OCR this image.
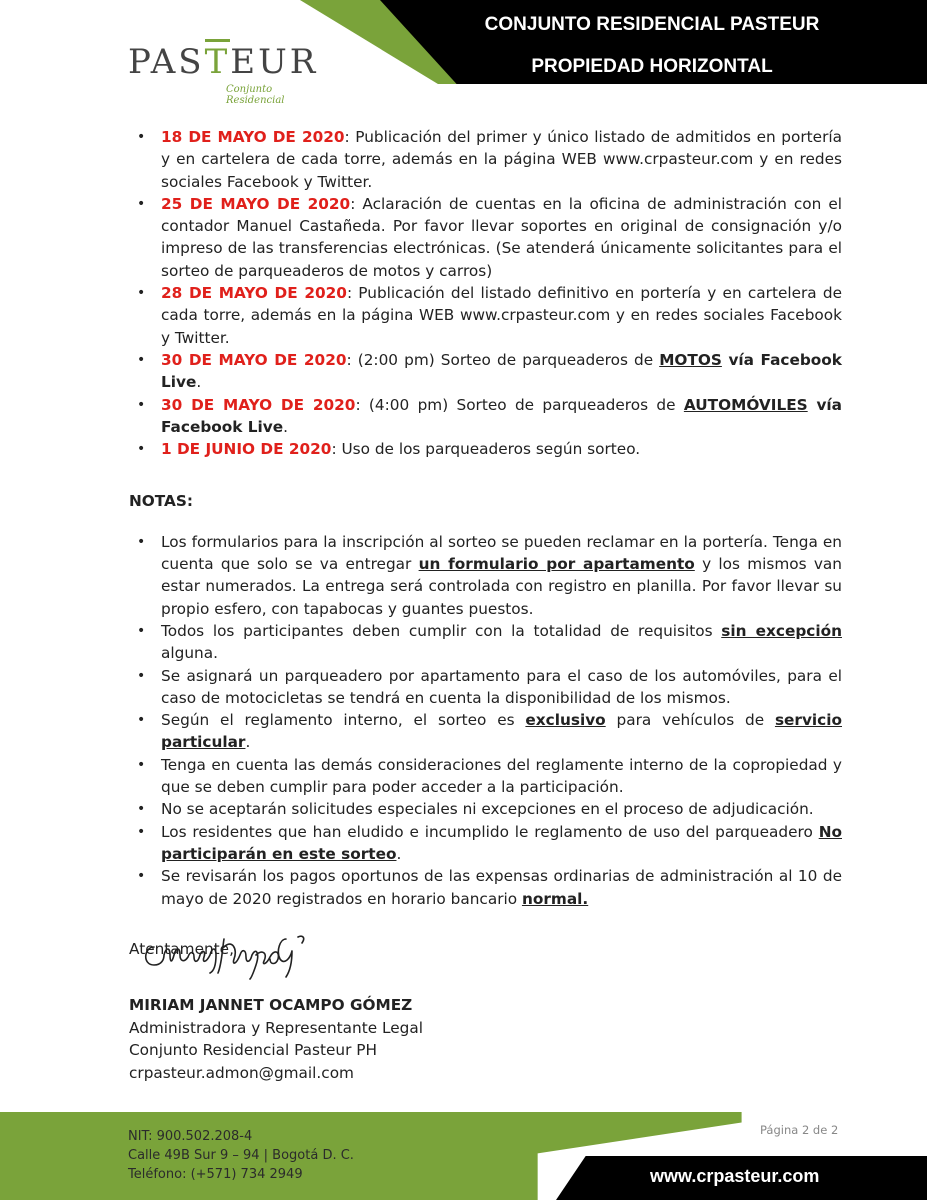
CONJUNTO RESIDENCIAL PASTEUR
PROPIEDAD HORIZONTAL
PASTEUR
Conjunto Residencial
• 18 DE MAYO DE 2020: Publicación del primer y único listado de admitidos en portería y en cartelera de cada torre, además en la página WEB www.crpasteur.com y en redes sociales Facebook y Twitter.
• 25 DE MAYO DE 2020: Aclaración de cuentas en la oficina de administración con el contador Manuel Castañeda. Por favor llevar soportes en original de consignación y/o impreso de las transferencias electrónicas. (Se atenderá únicamente solicitantes para el sorteo de parqueaderos de motos y carros)
• 28 DE MAYO DE 2020: Publicación del listado definitivo en portería y en cartelera de cada torre, además en la página WEB www.crpasteur.com y en redes sociales Facebook y Twitter.
• 30 DE MAYO DE 2020: (2:00 pm) Sorteo de parqueaderos de MOTOS vía Facebook Live.
• 30 DE MAYO DE 2020: (4:00 pm) Sorteo de parqueaderos de AUTOMÓVILES vía Facebook Live.
• 1 DE JUNIO DE 2020: Uso de los parqueaderos según sorteo.
NOTAS:
• Los formularios para la inscripción al sorteo se pueden reclamar en la portería. Tenga en cuenta que solo se va entregar un formulario por apartamento y los mismos van estar numerados. La entrega será controlada con registro en planilla. Por favor llevar su propio esfero, con tapabocas y guantes puestos.
• Todos los participantes deben cumplir con la totalidad de requisitos sin excepción alguna.
• Se asignará un parqueadero por apartamento para el caso de los automóviles, para el caso de motocicletas se tendrá en cuenta la disponibilidad de los mismos.
• Según el reglamento interno, el sorteo es exclusivo para vehículos de servicio particular.
• Tenga en cuenta las demás consideraciones del reglamente interno de la copropiedad y que se deben cumplir para poder acceder a la participación.
• No se aceptarán solicitudes especiales ni excepciones en el proceso de adjudicación.
• Los residentes que han eludido e incumplido le reglamento de uso del parqueadero No participarán en este sorteo.
• Se revisarán los pagos oportunos de las expensas ordinarias de administración al 10 de mayo de 2020 registrados en horario bancario normal.
Atentamente,
MIRIAM JANNET OCAMPO GÓMEZ
Administradora y Representante Legal
Conjunto Residencial Pasteur PH
crpasteur.admon@gmail.com
Página 2 de 2
NIT: 900.502.208-4
Calle 49B Sur 9 – 94 | Bogotá D. C.
Teléfono: (+571) 734 2949	www.crpasteur.com
